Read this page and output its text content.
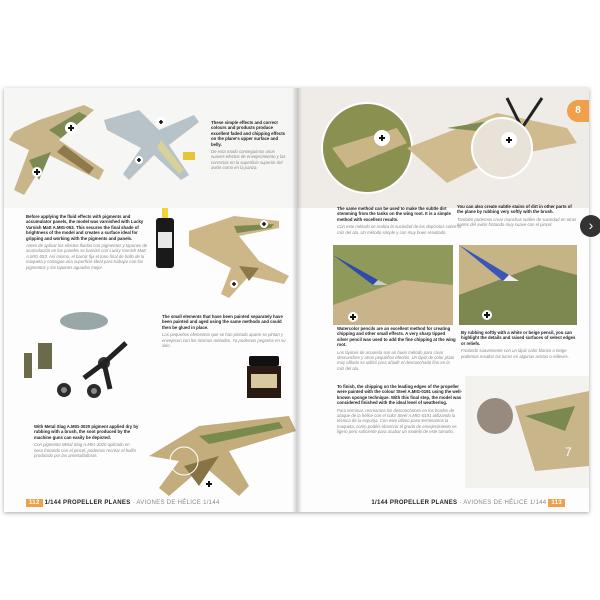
These simple effects and correct colours and products produce excellent faded and chipping effects on the plane's upper surface and belly.
De esta modo conseguimos unos suaves efectos de envejecimiento y las correctas en la superficie superior del avión como en la panza.
Before applying the fluid effects with pigments and accumulator panels, the model was varnished with Lucky Varnish Matt A.MIG-053. This secures the final shade of brightness of the model and creates a surface ideal for gripping and working with the pigments and panels.
Antes de aplicar los efectos fluidos con pigmentos y tapones de acumulación en los paneles se barnizó con Lucky Varnish Matt A.MIG-053. Así mismo, el barniz fija el tono final de brillo de la maqueta y consigue una superficie ideal para trabajar con los pigmentos y los tapones aguados mejor.
The small elements that have been painted separately have been painted and aged using the same methods and could then be glued in place.
Los pequeños elementos que se han pintado aparte se pintan y envejecen con los mismos métodos. Ya podemos pegarlos en su sitio.
7
With Metal Slag A.MIG-3020 pigment applied dry by rubbing with a brush, the soot produced by the machine guns can easily be depicted.
Con pigmento Metal Slag A.MIG-3020 aplicado en seco frotando con el pincel, podemos recrear el hollín producido por las ametralladoras.
112 1/144 PROPELLER PLANES · AVIONES DE HÉLICE 1/144
8
The same method can be used to make the subtle dirt stemming from the tanks on the wing root. It is a simple method with excellent results.
Con este método se realiza la suciedad de los depósitos sobre la raíz del ala. Un método simple y con muy buen resultado.
You can also create subtle stains of dirt in other parts of the plane by rubbing very softly with the brush.
También podemos crear manchas sutiles de suciedad en otras partes del avión frotando muy suave con el pincel.
Watercolor pencils are an excellent method for creating chipping and other small effects. A very sharp tipped silver pencil was used to add the fine chipping at the wing root.
Los lápices de acuarela son un buen método para crear desconches y otros pequeños efectos. Un lápiz de color plata muy afilado se utilizó para añadir el desconchado fino en la raíz del ala.
By rubbing softly with a white or beige pencil, you can highlight the details and raised surfaces of select edges or reliefs.
Frotando suavemente con un lápiz color blanco o beige podemos resaltar las luces en algunas aristas o relieves.
To finish, the chipping on the leading edges of the propeller were painted with the colour Steel A.MIG-0191 using the well-known sponge technique. With this final step, the model was considered finished with the ideal level of weathering.
Para terminar, recreamos los desconchones en los bordes de ataque de la hélice con el color Steel A.MIG-0191 utilizando la técnica de la esponja. Con este último paso terminamos la maqueta, como podéis observar el grado de envejecimiento es ligero pero suficiente para acabar un modelo de este tamaño.
7
1/144 PROPELLER PLANES · AVIONES DE HÉLICE 1/144 113
›
